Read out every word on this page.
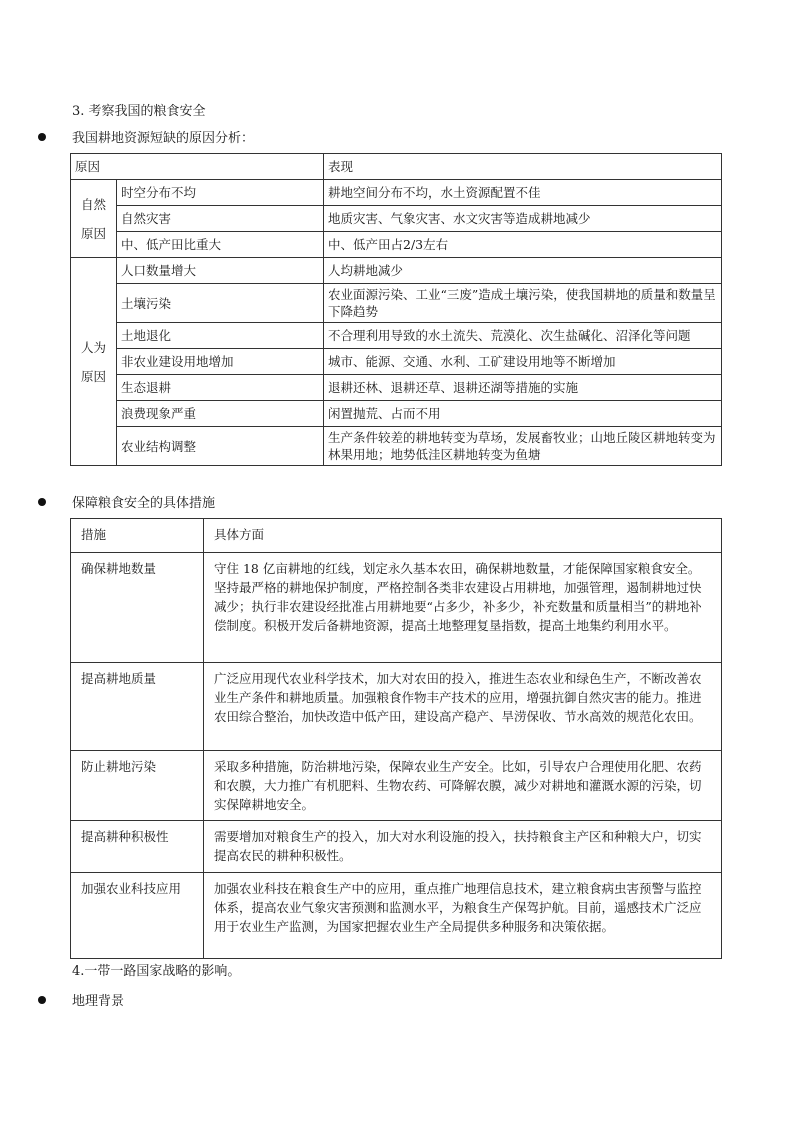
3. 考察我国的粮食安全
我国耕地资源短缺的原因分析：
原因		表现
自然
原因	时空分布不均	耕地空间分布不均，水土资源配置不佳
	自然灾害	地质灾害、气象灾害、水文灾害等造成耕地减少
	中、低产田比重大	中、低产田占2/3左右
人为
原因	人口数量增大	人均耕地减少
	土壤污染	农业面源污染、工业“三废”造成土壤污染，使我国耕地的质量和数量呈下降趋势
	土地退化	不合理利用导致的水土流失、荒漠化、次生盐碱化、沼泽化等问题
	非农业建设用地增加	城市、能源、交通、水利、工矿建设用地等不断增加
	生态退耕	退耕还林、退耕还草、退耕还湖等措施的实施
	浪费现象严重	闲置抛荒、占而不用
	农业结构调整	生产条件较差的耕地转变为草场，发展畜牧业；山地丘陵区耕地转变为林果用地；地势低洼区耕地转变为鱼塘
保障粮食安全的具体措施
措施	具体方面
确保耕地数量	守住 18 亿亩耕地的红线，划定永久基本农田，确保耕地数量，才能保障国家粮食安全。坚持最严格的耕地保护制度，严格控制各类非农建设占用耕地，加强管理，遏制耕地过快减少；执行非农建设经批准占用耕地要“占多少，补多少，补充数量和质量相当”的耕地补偿制度。积极开发后备耕地资源，提高土地整理复垦指数，提高土地集约利用水平。
提高耕地质量	广泛应用现代农业科学技术，加大对农田的投入，推进生态农业和绿色生产，不断改善农业生产条件和耕地质量。加强粮食作物丰产技术的应用，增强抗御自然灾害的能力。推进农田综合整治，加快改造中低产田，建设高产稳产、旱涝保收、节水高效的规范化农田。
防止耕地污染	采取多种措施，防治耕地污染，保障农业生产安全。比如，引导农户合理使用化肥、农药和农膜，大力推广有机肥料、生物农药、可降解农膜，减少对耕地和灌溉水源的污染，切实保障耕地安全。
提高耕种积极性	需要增加对粮食生产的投入，加大对水利设施的投入，扶持粮食主产区和种粮大户，切实提高农民的耕种积极性。
加强农业科技应用	加强农业科技在粮食生产中的应用，重点推广地理信息技术，建立粮食病虫害预警与监控体系，提高农业气象灾害预测和监测水平，为粮食生产保驾护航。目前，遥感技术广泛应用于农业生产监测，为国家把握农业生产全局提供多种服务和决策依据。
4.一带一路国家战略的影响。
地理背景
